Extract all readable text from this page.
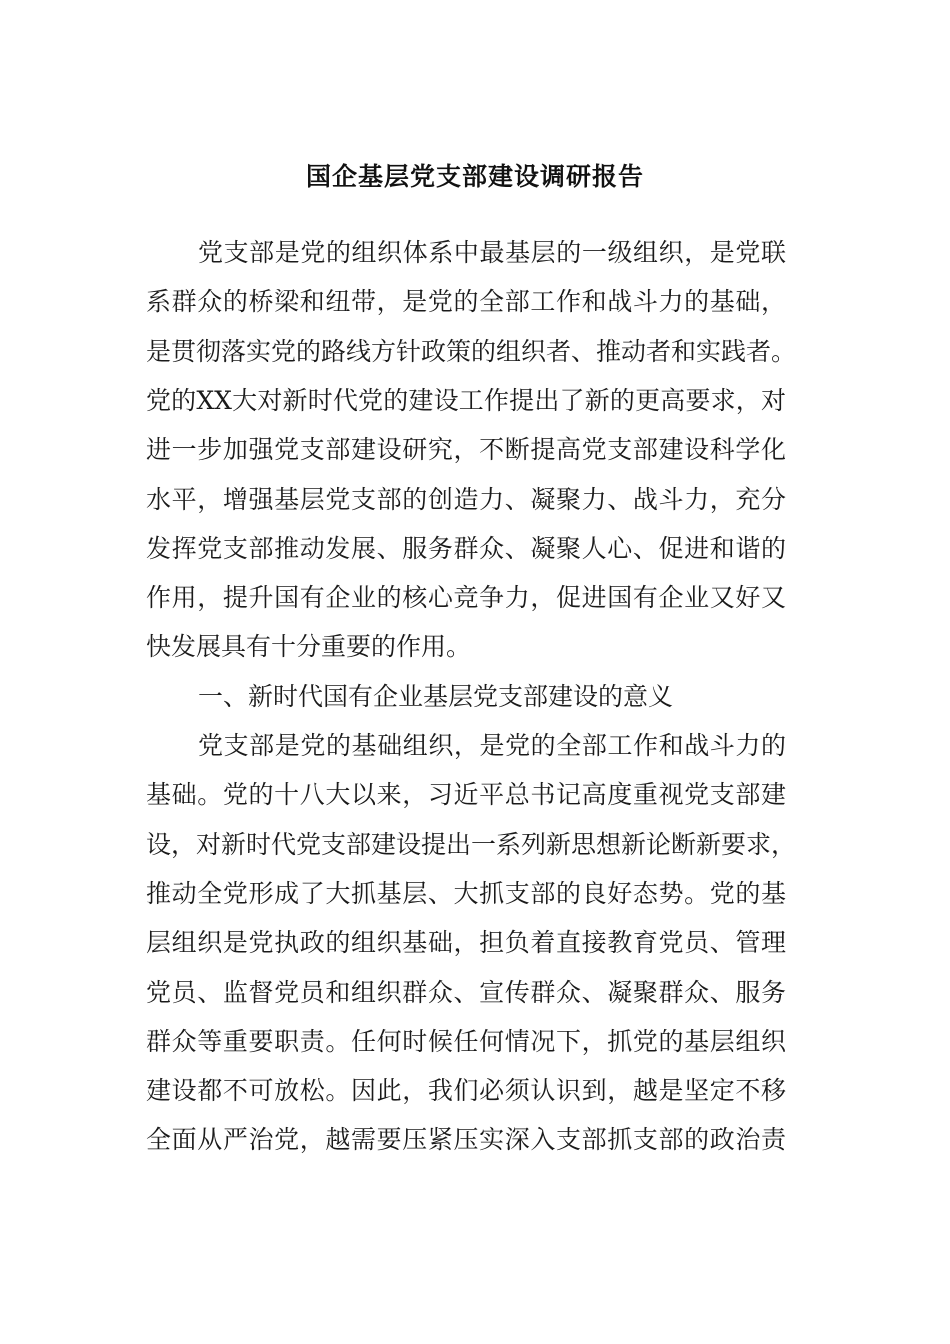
国企基层党支部建设调研报告
党支部是党的组织体系中最基层的一级组织，是党联
系群众的桥梁和纽带，是党的全部工作和战斗力的基础，
是贯彻落实党的路线方针政策的组织者、推动者和实践者。
党的XX大对新时代党的建设工作提出了新的更高要求，对
进一步加强党支部建设研究，不断提高党支部建设科学化
水平，增强基层党支部的创造力、凝聚力、战斗力，充分
发挥党支部推动发展、服务群众、凝聚人心、促进和谐的
作用，提升国有企业的核心竞争力，促进国有企业又好又
快发展具有十分重要的作用。
一、新时代国有企业基层党支部建设的意义
党支部是党的基础组织，是党的全部工作和战斗力的
基础。党的十八大以来，习近平总书记高度重视党支部建
设，对新时代党支部建设提出一系列新思想新论断新要求，
推动全党形成了大抓基层、大抓支部的良好态势。党的基
层组织是党执政的组织基础，担负着直接教育党员、管理
党员、监督党员和组织群众、宣传群众、凝聚群众、服务
群众等重要职责。任何时候任何情况下，抓党的基层组织
建设都不可放松。因此，我们必须认识到，越是坚定不移
全面从严治党，越需要压紧压实深入支部抓支部的政治责
